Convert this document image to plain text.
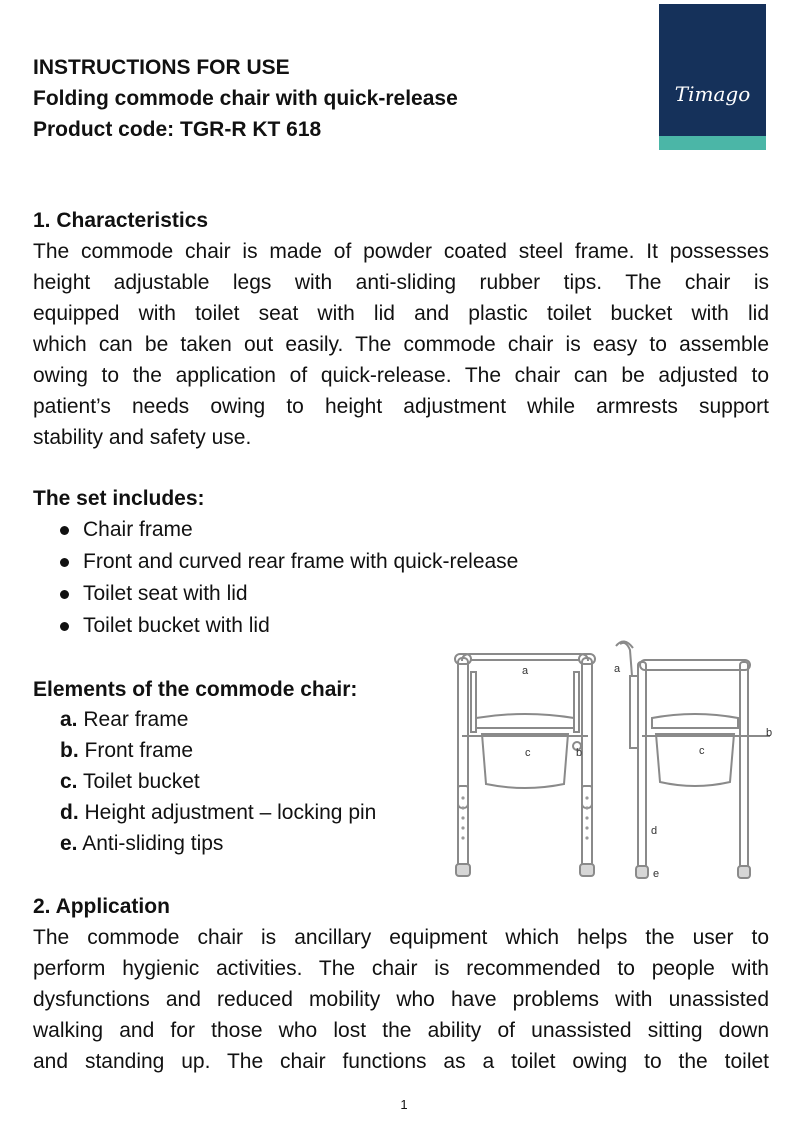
INSTRUCTIONS FOR USE
Folding commode chair with quick-release
Product code: TGR-R KT 618
Timago
1. Characteristics
The commode chair is made of powder coated steel frame. It possesses
height adjustable legs with anti-sliding rubber tips. The chair is
equipped with toilet seat with lid and plastic toilet bucket with lid
which can be taken out easily. The commode chair is easy to assemble
owing to the application of quick-release. The chair can be adjusted to
patient’s needs owing to height adjustment while armrests support
stability and safety use.
The set includes:
Chair frame
Front and curved rear frame with quick-release
Toilet seat with lid
Toilet bucket with lid
Elements of the commode chair:
a. Rear frame
b. Front frame
c. Toilet bucket
d. Height adjustment – locking pin
e. Anti-sliding tips
a
b
c
a
b
c
d
e
2. Application
The commode chair is ancillary equipment which helps the user to
perform hygienic activities. The chair is recommended to people with
dysfunctions and reduced mobility who have problems with unassisted
walking and for those who lost the ability of unassisted sitting down
and standing up. The chair functions as a toilet owing to the toilet
1
